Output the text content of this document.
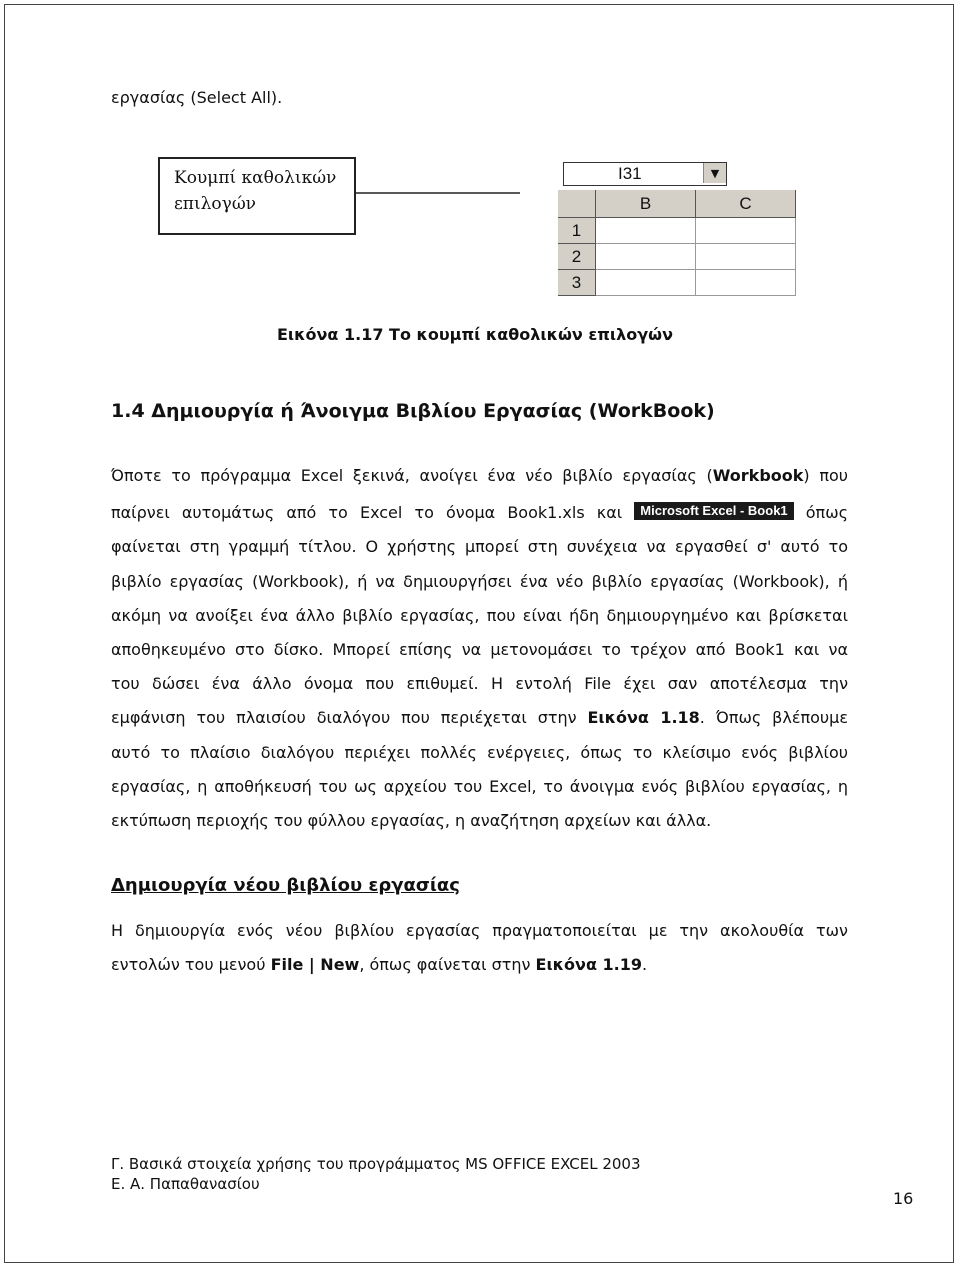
εργασίας (Select All).
Κουμπί καθολικών
επιλογών
I31	▼
B	C
1
2
3
Εικόνα 1.17 Το κουμπί καθολικών επιλογών
1.4 Δημιουργία ή Άνοιγμα Βιβλίου Εργασίας (WorkBook)
Όποτε το πρόγραμμα Excel ξεκινά, ανοίγει ένα νέο βιβλίο εργασίας (Workbook) που
παίρνει αυτομάτως από το Excel το όνομα Book1.xls και Microsoft Excel - Book1 όπως
φαίνεται στη γραμμή τίτλου. Ο χρήστης μπορεί στη συνέχεια να εργασθεί σ' αυτό το
βιβλίο εργασίας (Workbook), ή να δημιουργήσει ένα νέο βιβλίο εργασίας (Workbook), ή
ακόμη να ανοίξει ένα άλλο βιβλίο εργασίας, που είναι ήδη δημιουργημένο και βρίσκεται
αποθηκευμένο στο δίσκο. Μπορεί επίσης να μετονομάσει το τρέχον από Book1 και να
του δώσει ένα άλλο όνομα που επιθυμεί. Η εντολή File έχει σαν αποτέλεσμα την
εμφάνιση του πλαισίου διαλόγου που περιέχεται στην Εικόνα 1.18. Όπως βλέπουμε
αυτό το πλαίσιο διαλόγου περιέχει πολλές ενέργειες, όπως το κλείσιμο ενός βιβλίου
εργασίας, η αποθήκευσή του ως αρχείου του Excel, το άνοιγμα ενός βιβλίου εργασίας, η
εκτύπωση περιοχής του φύλλου εργασίας, η αναζήτηση αρχείων και άλλα.
Δημιουργία νέου βιβλίου εργασίας
Η δημιουργία ενός νέου βιβλίου εργασίας πραγματοποιείται με την ακολουθία των
εντολών του μενού File | New, όπως φαίνεται στην Εικόνα 1.19.
Γ. Βασικά στοιχεία χρήσης του προγράμματος MS OFFICE EXCEL 2003
Ε. Α. Παπαθανασίου
16
